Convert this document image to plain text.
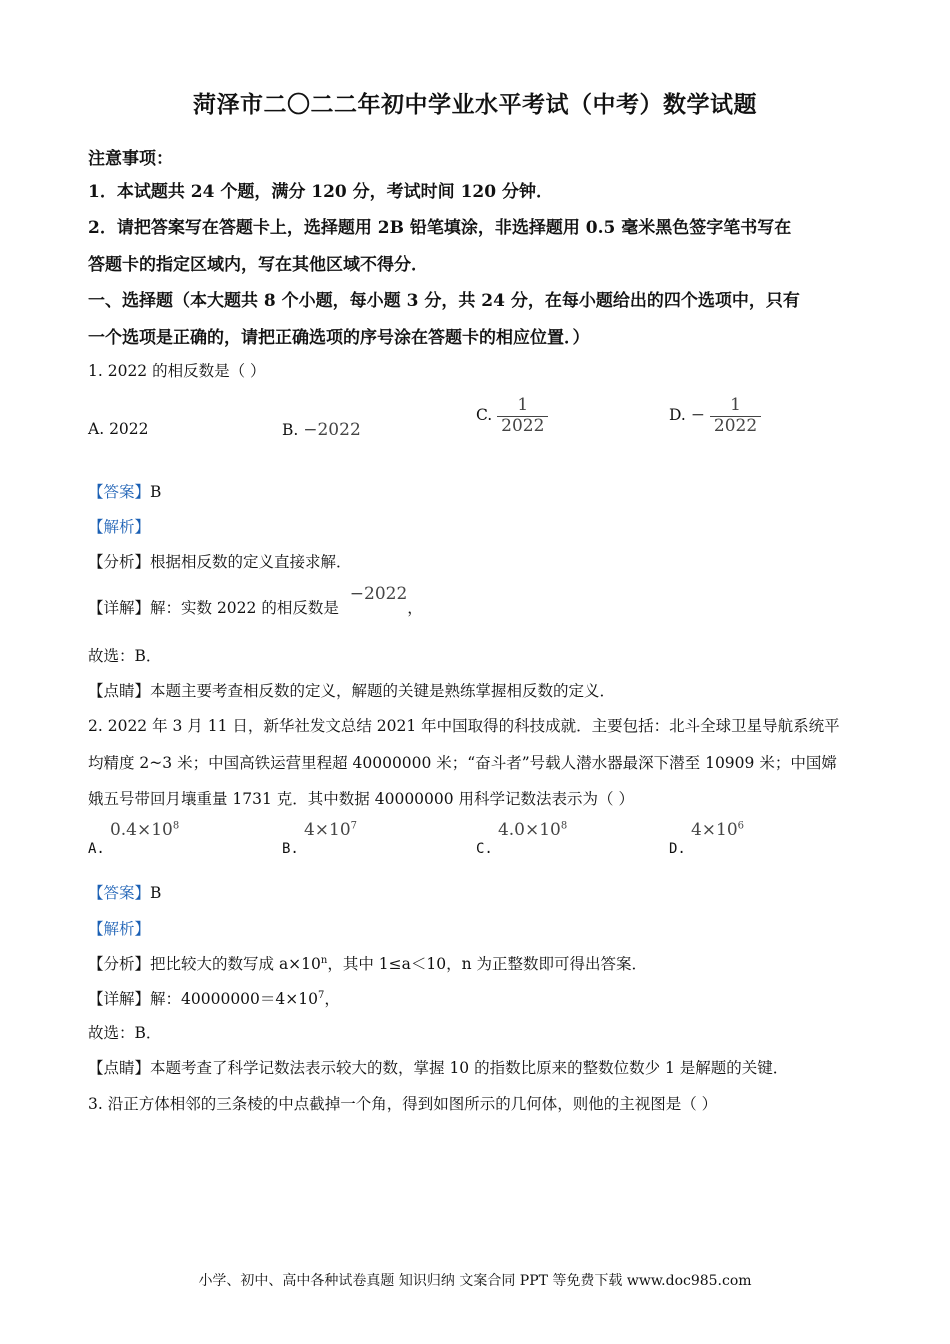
菏泽市二〇二二年初中学业水平考试（中考）数学试题
注意事项：
1．本试题共 24 个题，满分 120 分，考试时间 120 分钟．
2．请把答案写在答题卡上，选择题用 2B 铅笔填涂，非选择题用 0.5 毫米黑色签字笔书写在
答题卡的指定区域内，写在其他区域不得分．
一、选择题（本大题共 8 个小题，每小题 3 分，共 24 分，在每小题给出的四个选项中，只有
一个选项是正确的，请把正确选项的序号涂在答题卡的相应位置．）
1. 2022 的相反数是（ ）
A. 2022	B. −2022
C. $\frac{1}{2022}$	D. − $\frac{1}{2022}$
【答案】B
【解析】
【分析】根据相反数的定义直接求解．
【详解】解：实数 2022 的相反数是 −2022，
故选：B．
【点睛】本题主要考查相反数的定义，解题的关键是熟练掌握相反数的定义．
2. 2022 年 3 月 11 日，新华社发文总结 2021 年中国取得的科技成就．主要包括：北斗全球卫星导航系统平
均精度 2~3 米；中国高铁运营里程超 40000000 米；“奋斗者”号载人潜水器最深下潜至 10909 米；中国嫦
娥五号带回月壤重量 1731 克．其中数据 40000000 用科学记数法表示为（ ）
A. $0.4\times 10^8$
B. $4\times 10^7$
C. $4.0\times 10^8$
D. $4\times 10^6$
【答案】B
【解析】
【分析】把比较大的数写成 $a\times 10^n$，其中 1≤a＜10，n 为正整数即可得出答案．
【详解】解：$40000000=4\times 10^7$，
故选：B．
【点睛】本题考查了科学记数法表示较大的数，掌握 10 的指数比原来的整数位数少 1 是解题的关键．
3. 沿正方体相邻的三条棱的中点截掉一个角，得到如图所示的几何体，则他的主视图是（ ）
小学、初中、高中各种试卷真题 知识归纳 文案合同 PPT 等免费下载 www.doc985.com
